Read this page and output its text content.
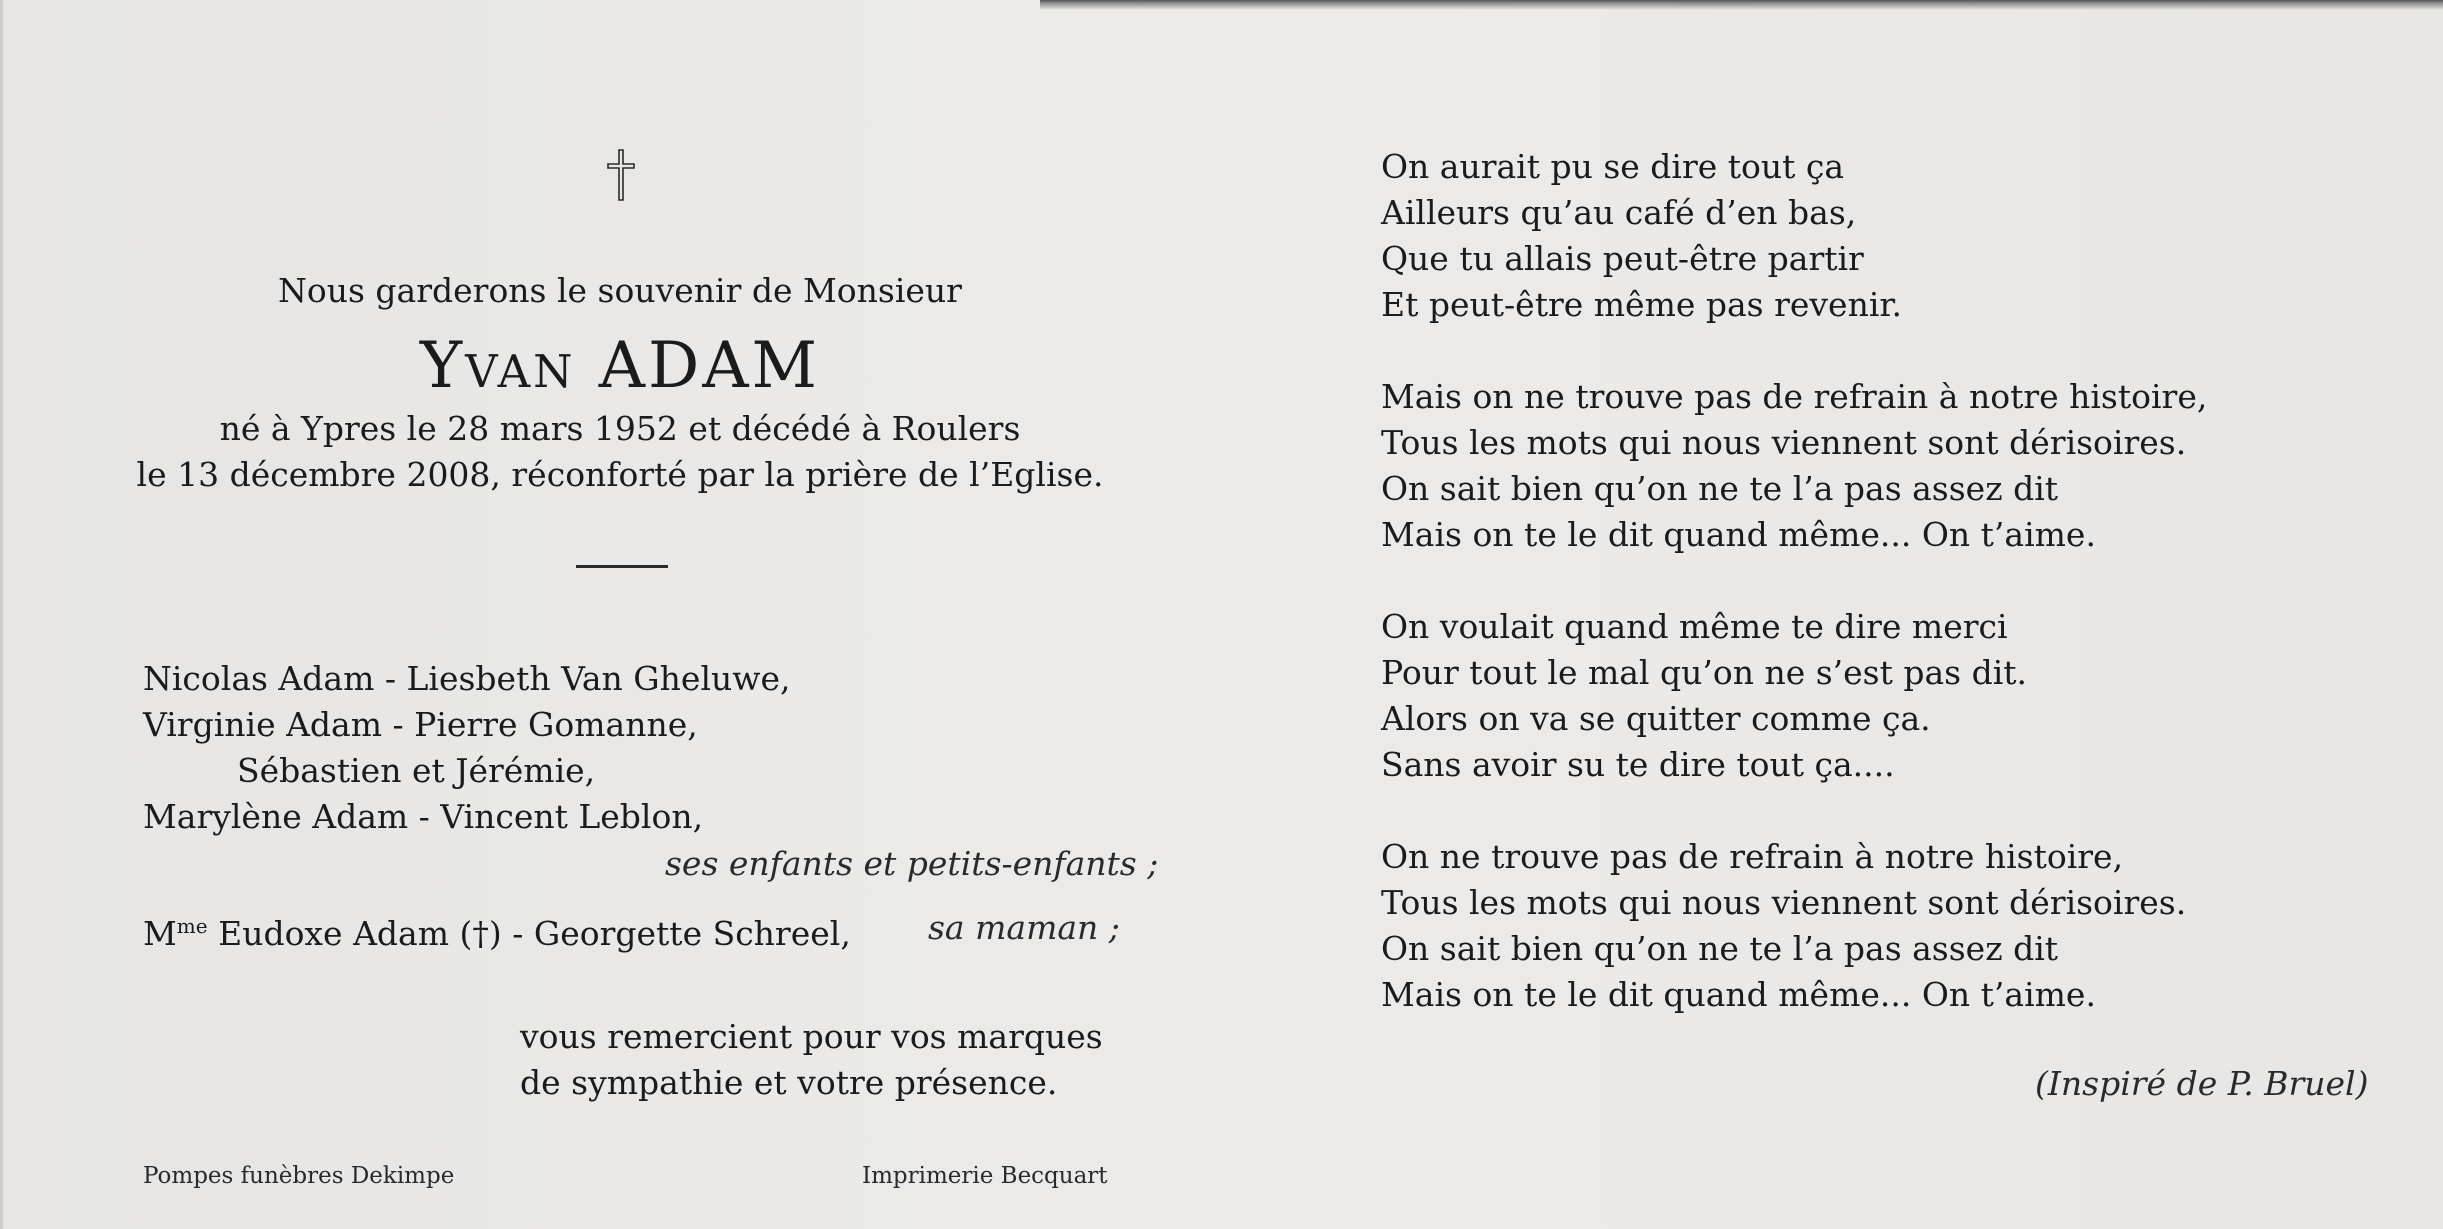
Nous garderons le souvenir de Monsieur
Yvan ADAM
né à Ypres le 28 mars 1952 et décédé à Roulers
le 13 décembre 2008, réconforté par la prière de l’Eglise.
Nicolas Adam - Liesbeth Van Gheluwe,
Virginie Adam - Pierre Gomanne,
Sébastien et Jérémie,
Marylène Adam - Vincent Leblon,
ses enfants et petits-enfants ;
$M^{me}$ Eudoxe Adam (†) - Georgette Schreel, sa maman ;
vous remercient pour vos marques
de sympathie et votre présence.
Pompes funèbres Dekimpe	Imprimerie Becquart
On aurait pu se dire tout ça
Ailleurs qu’au café d’en bas,
Que tu allais peut-être partir
Et peut-être même pas revenir.
Mais on ne trouve pas de refrain à notre histoire,
Tous les mots qui nous viennent sont dérisoires.
On sait bien qu’on ne te l’a pas assez dit
Mais on te le dit quand même... On t’aime.
On voulait quand même te dire merci
Pour tout le mal qu’on ne s’est pas dit.
Alors on va se quitter comme ça.
Sans avoir su te dire tout ça....
On ne trouve pas de refrain à notre histoire,
Tous les mots qui nous viennent sont dérisoires.
On sait bien qu’on ne te l’a pas assez dit
Mais on te le dit quand même... On t’aime.
(Inspiré de P. Bruel)
